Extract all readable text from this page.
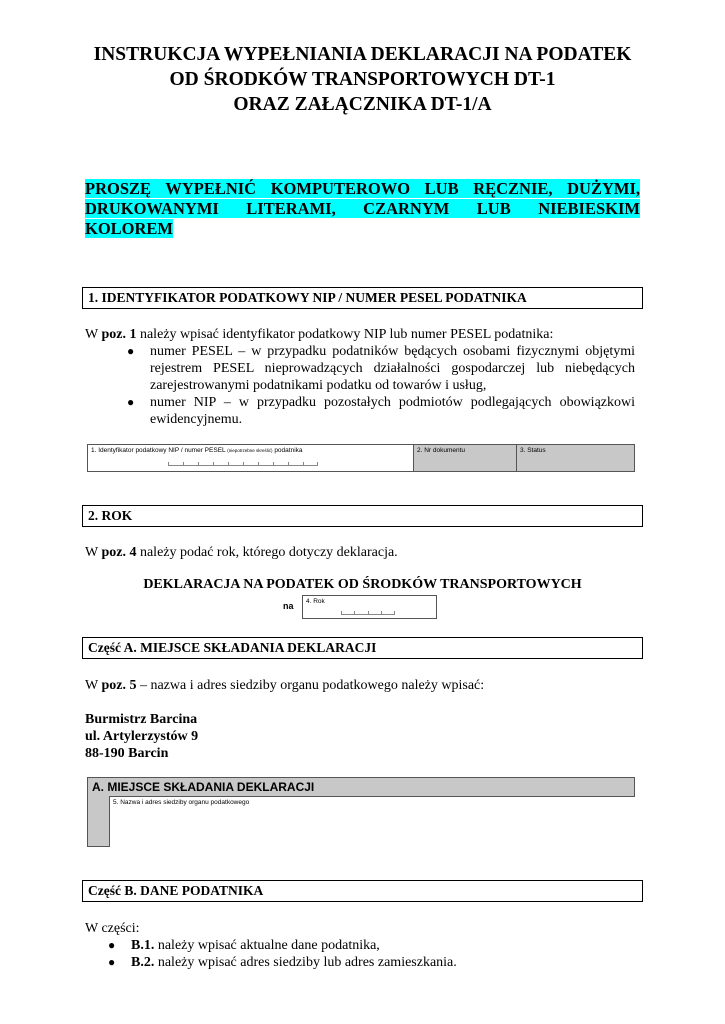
INSTRUKCJA WYPEŁNIANIA DEKLARACJI NA PODATEK
OD ŚRODKÓW TRANSPORTOWYCH DT-1
ORAZ ZAŁĄCZNIKA DT-1/A

PROSZĘ WYPEŁNIĆ KOMPUTEROWO LUB RĘCZNIE, DUŻYMI,

DRUKOWANYMI LITERAMI, CZARNYM LUB NIEBIESKIM

KOLOREM

1. IDENTYFIKATOR PODATKOWY NIP / NUMER PESEL PODATNIKA
W poz. 1 należy wpisać identyfikator podatkowy NIP lub numer PESEL podatnika:
● numer PESEL – w przypadku podatników będących osobami fizycznymi objętymi rejestrem PESEL nieprowadzących działalności gospodarczej lub niebędących zarejestrowanymi podatnikami podatku od towarów i usług,
● numer NIP – w przypadku pozostałych podmiotów podlegających obowiązkowi ewidencyjnemu.
1. Identyfikator podatkowy NIP / numer PESEL (niepotrzebne skreślić) podatnika	2. Nr dokumentu	3. Status
2. ROK
W poz. 4 należy podać rok, którego dotyczy deklaracja.
DEKLARACJA NA PODATEK OD ŚRODKÓW TRANSPORTOWYCH
na	4. Rok
Część A. MIEJSCE SKŁADANIA DEKLARACJI
W poz. 5 – nazwa i adres siedziby organu podatkowego należy wpisać:
Burmistrz Barcina
ul. Artylerzystów 9
88-190 Barcin
A. MIEJSCE SKŁADANIA DEKLARACJI
5. Nazwa i adres siedziby organu podatkowego
Część B. DANE PODATNIKA
W części:
● B.1. należy wpisać aktualne dane podatnika,
● B.2. należy wpisać adres siedziby lub adres zamieszkania.
